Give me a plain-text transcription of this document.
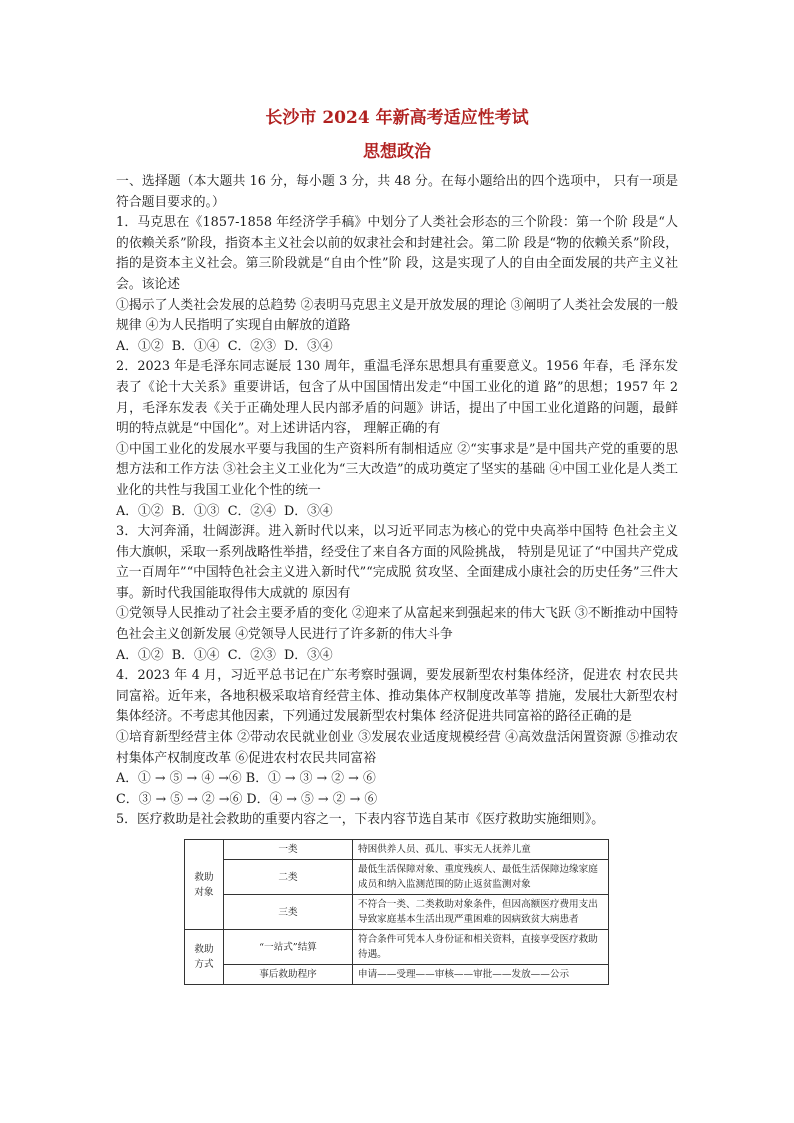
长沙市 2024 年新高考适应性考试
思想政治

一、选择题（本大题共 16 分，每小题 3 分，共 48 分。在每小题给出的四个选项中， 只有一项是符合题目要求的。）

1．马克思在《1857-1858 年经济学手稿》中划分了人类社会形态的三个阶段：第一个阶 段是“人的依赖关系”阶段，指资本主义社会以前的奴隶社会和封建社会。第二阶 段是“物的依赖关系”阶段，指的是资本主义社会。第三阶段就是“自由个性”阶 段，这是实现了人的自由全面发展的共产主义社会。该论述

①揭示了人类社会发展的总趋势 ②表明马克思主义是开放发展的理论 ③阐明了人类社会发展的一般规律 ④为人民指明了实现自由解放的道路

A．①②  B．①④  C．②③  D．③④

2．2023 年是毛泽东同志诞辰 130 周年，重温毛泽东思想具有重要意义。1956 年春，毛 泽东发表了《论十大关系》重要讲话，包含了从中国国情出发走“中国工业化的道 路”的思想；1957 年 2 月，毛泽东发表《关于正确处理人民内部矛盾的问题》讲话，提出了中国工业化道路的问题，最鲜明的特点就是“中国化”。对上述讲话内容， 理解正确的有

①中国工业化的发展水平要与我国的生产资料所有制相适应 ②“实事求是”是中国共产党的重要的思想方法和工作方法 ③社会主义工业化为“三大改造”的成功奠定了坚实的基础 ④中国工业化是人类工业化的共性与我国工业化个性的统一

A．①②  B．①③  C．②④  D．③④

3．大河奔涌，壮阔澎湃。进入新时代以来，以习近平同志为核心的党中央高举中国特 色社会主义伟大旗帜，采取一系列战略性举措，经受住了来自各方面的风险挑战， 特别是见证了“中国共产党成立一百周年”“中国特色社会主义进入新时代”“完成脱 贫攻坚、全面建成小康社会的历史任务”三件大事。新时代我国能取得伟大成就的 原因有

①党领导人民推动了社会主要矛盾的变化 ②迎来了从富起来到强起来的伟大飞跃 ③不断推动中国特色社会主义创新发展 ④党领导人民进行了许多新的伟大斗争

A．①②  B．①④  C．②③  D．③④

4．2023 年 4 月，习近平总书记在广东考察时强调，要发展新型农村集体经济，促进农 村农民共同富裕。近年来，各地积极采取培育经营主体、推动集体产权制度改革等 措施，发展壮大新型农村集体经济。不考虑其他因素，下列通过发展新型农村集体 经济促进共同富裕的路径正确的是

①培育新型经营主体 ②带动农民就业创业 ③发展农业适度规模经营 ④高效盘活闲置资源 ⑤推动农村集体产权制度改革 ⑥促进农村农民共同富裕

A．① → ⑤ → ④ →⑥ B．① → ③ → ② → ⑥

C．③ → ⑤ → ② →⑥ D．④ → ⑤ → ② → ⑥

5．医疗救助是社会救助的重要内容之一，下表内容节选自某市《医疗救助实施细则》。

救助对象	一类	特困供养人员、孤儿、事实无人抚养儿童
	二类	最低生活保障对象、重度残疾人、最低生活保障边缘家庭成员和纳入监测范围的防止返贫监测对象
	三类	不符合一类、二类救助对象条件，但因高额医疗费用支出导致家庭基本生活出现严重困难的因病致贫大病患者
救助方式	“一站式”结算	符合条件可凭本人身份证和相关资料，直接享受医疗救助待遇。
	事后救助程序	申请——受理——审核——审批——发放——公示
